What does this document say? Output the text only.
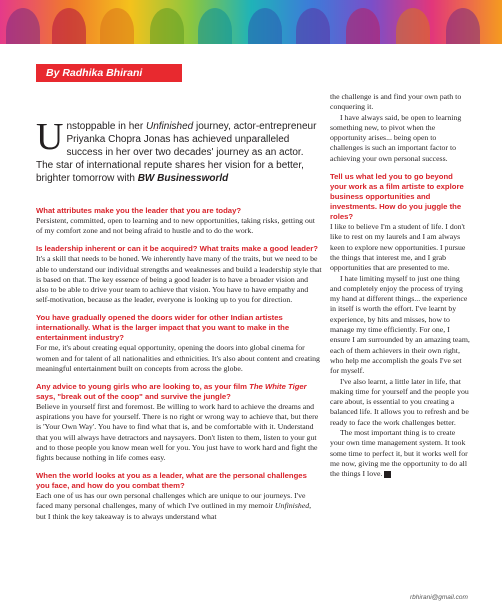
By Radhika Bhirani
Unstoppable in her Unfinished journey, actor-entrepreneur Priyanka Chopra Jonas has achieved unparalleled success in her over two decades' journey as an actor. The star of international repute shares her vision for a better, brighter tomorrow with BW Businessworld

What attributes make you the leader that you are today?

Persistent, committed, open to learning and to new opportunities, taking risks, getting out of my comfort zone and not being afraid to hustle and to do the work.

Is leadership inherent or can it be acquired? What traits make a good leader?

It's a skill that needs to be honed. We inherently have many of the traits, but we need to be able to understand our individual strengths and weaknesses and build a leadership style that is based on that. The key essence of being a good leader is to have a broader vision and also to be able to drive your team to achieve that vision. You have to have empathy and self-motivation, because as the leader, everyone is looking up to you for direction.

You have gradually opened the doors wider for other Indian artistes internationally. What is the larger impact that you want to make in the entertainment industry?

For me, it's about creating equal opportunity, opening the doors into global cinema for women and for talent of all nationalities and ethnicities. It's also about content and creating meaningful entertainment built on concepts from across the globe.

Any advice to young girls who are looking to, as your film The White Tiger says, "break out of the coop" and survive the jungle?

Believe in yourself first and foremost. Be willing to work hard to achieve the dreams and aspirations you have for yourself. There is no right or wrong way to achieve that, but there is 'Your Own Way'. You have to find what that is, and be comfortable with it. Understand that you will always have detractors and naysayers. Don't listen to them, listen to your gut and to those people you know mean well for you. You just have to work hard and fight the fights because nothing in life comes easy.

When the world looks at you as a leader, what are the personal challenges you face, and how do you combat them?

Each one of us has our own personal challenges which are unique to our journeys. I've faced many personal challenges, many of which I've outlined in my memoir Unfinished, but I think the key takeaway is to always understand what

the challenge is and find your own path to conquering it.

I have always said, be open to learning something new, to pivot when the opportunity arises... being open to challenges is such an important factor to achieving your own personal success.

Tell us what led you to go beyond your work as a film artiste to explore business opportunities and investments. How do you juggle the roles?

I like to believe I'm a student of life. I don't like to rest on my laurels and I am always keen to explore new opportunities. I pursue the things that interest me, and I grab opportunities that are presented to me.

I hate limiting myself to just one thing and completely enjoy the process of trying my hand at different things... the experience in itself is worth the effort. I've learnt by experience, by hits and misses, how to manage my time efficiently. For one, I ensure I am surrounded by an amazing team, each of them achievers in their own right, who help me accomplish the goals I've set for myself.

I've also learnt, a little later in life, that making time for yourself and the people you care about, is essential to you creating a balanced life. It allows you to refresh and be ready to face the work challenges better.

The most important thing is to create your own time management system. It took some time to perfect it, but it works well for me now, giving me the opportunity to do all the things I love.

rbhirani@gmail.com
